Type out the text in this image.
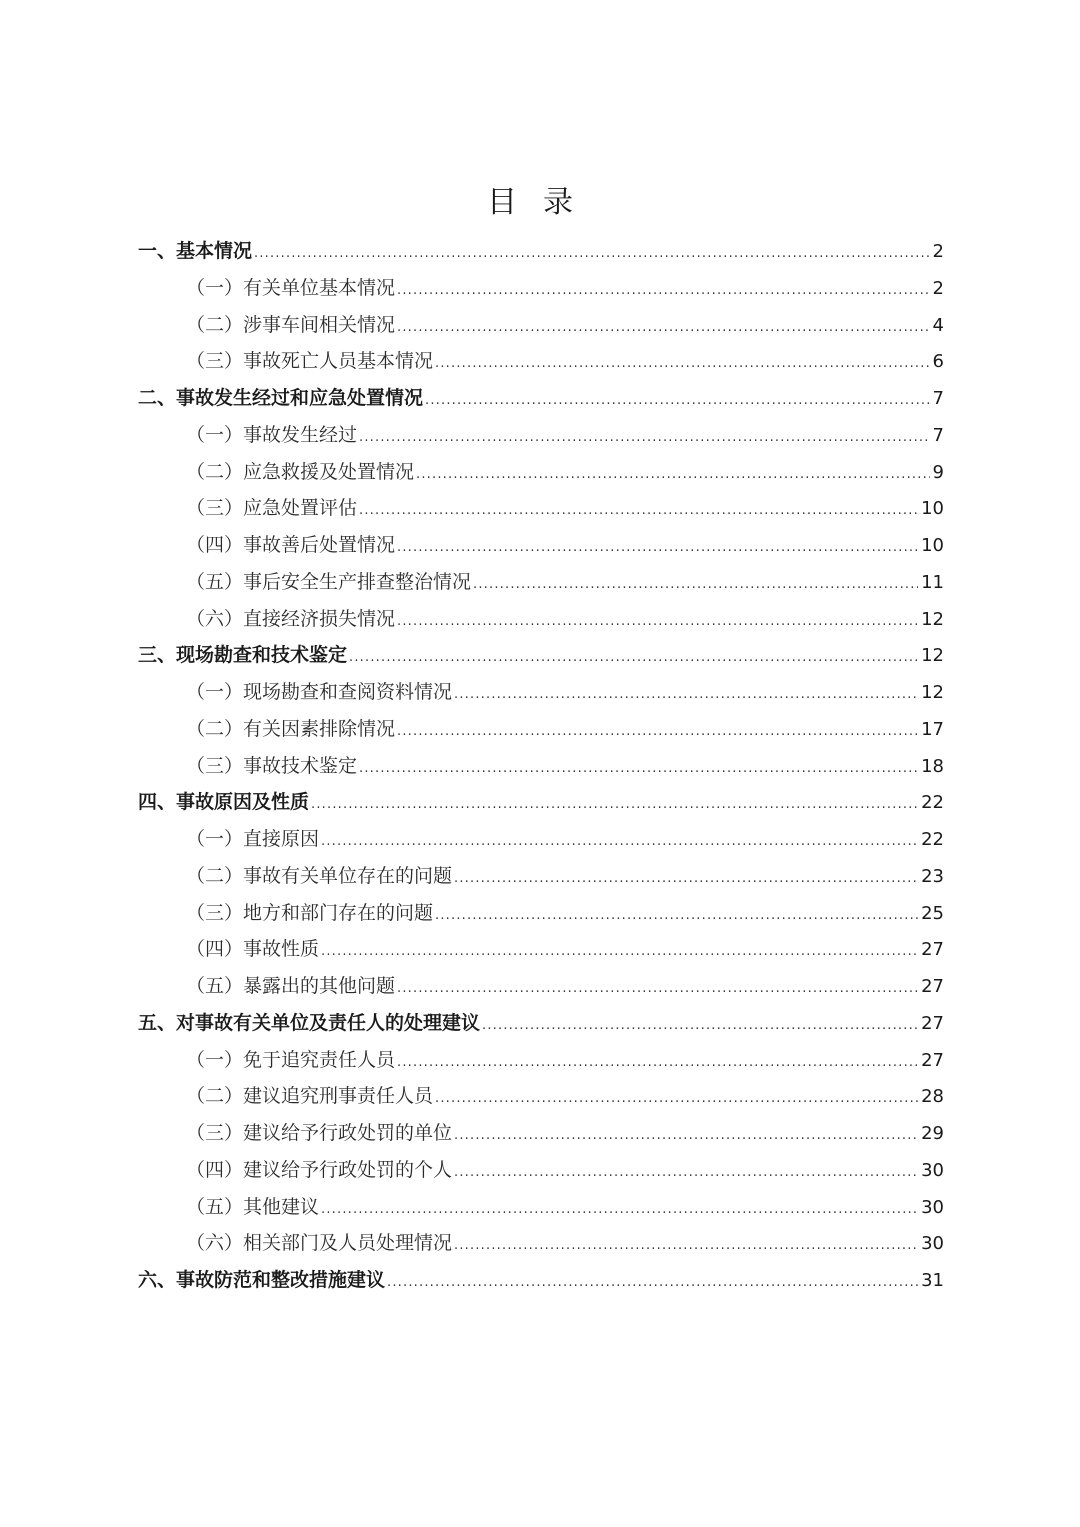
目录
一、基本情况 .....	2
（一）有关单位基本情况 .....	2
（二）涉事车间相关情况 .....	4
（三）事故死亡人员基本情况 .....	6
二、事故发生经过和应急处置情况 .....	7
（一）事故发生经过 .....	7
（二）应急救援及处置情况 .....	9
（三）应急处置评估 .....	10
（四）事故善后处置情况 .....	10
（五）事后安全生产排查整治情况 .....	11
（六）直接经济损失情况 .....	12
三、现场勘查和技术鉴定 .....	12
（一）现场勘查和查阅资料情况 .....	12
（二）有关因素排除情况 .....	17
（三）事故技术鉴定 .....	18
四、事故原因及性质 .....	22
（一）直接原因 .....	22
（二）事故有关单位存在的问题 .....	23
（三）地方和部门存在的问题 .....	25
（四）事故性质 .....	27
（五）暴露出的其他问题 .....	27
五、对事故有关单位及责任人的处理建议 .....	27
（一）免于追究责任人员 .....	27
（二）建议追究刑事责任人员 .....	28
（三）建议给予行政处罚的单位 .....	29
（四）建议给予行政处罚的个人 .....	30
（五）其他建议 .....	30
（六）相关部门及人员处理情况 .....	30
六、事故防范和整改措施建议 .....	31
